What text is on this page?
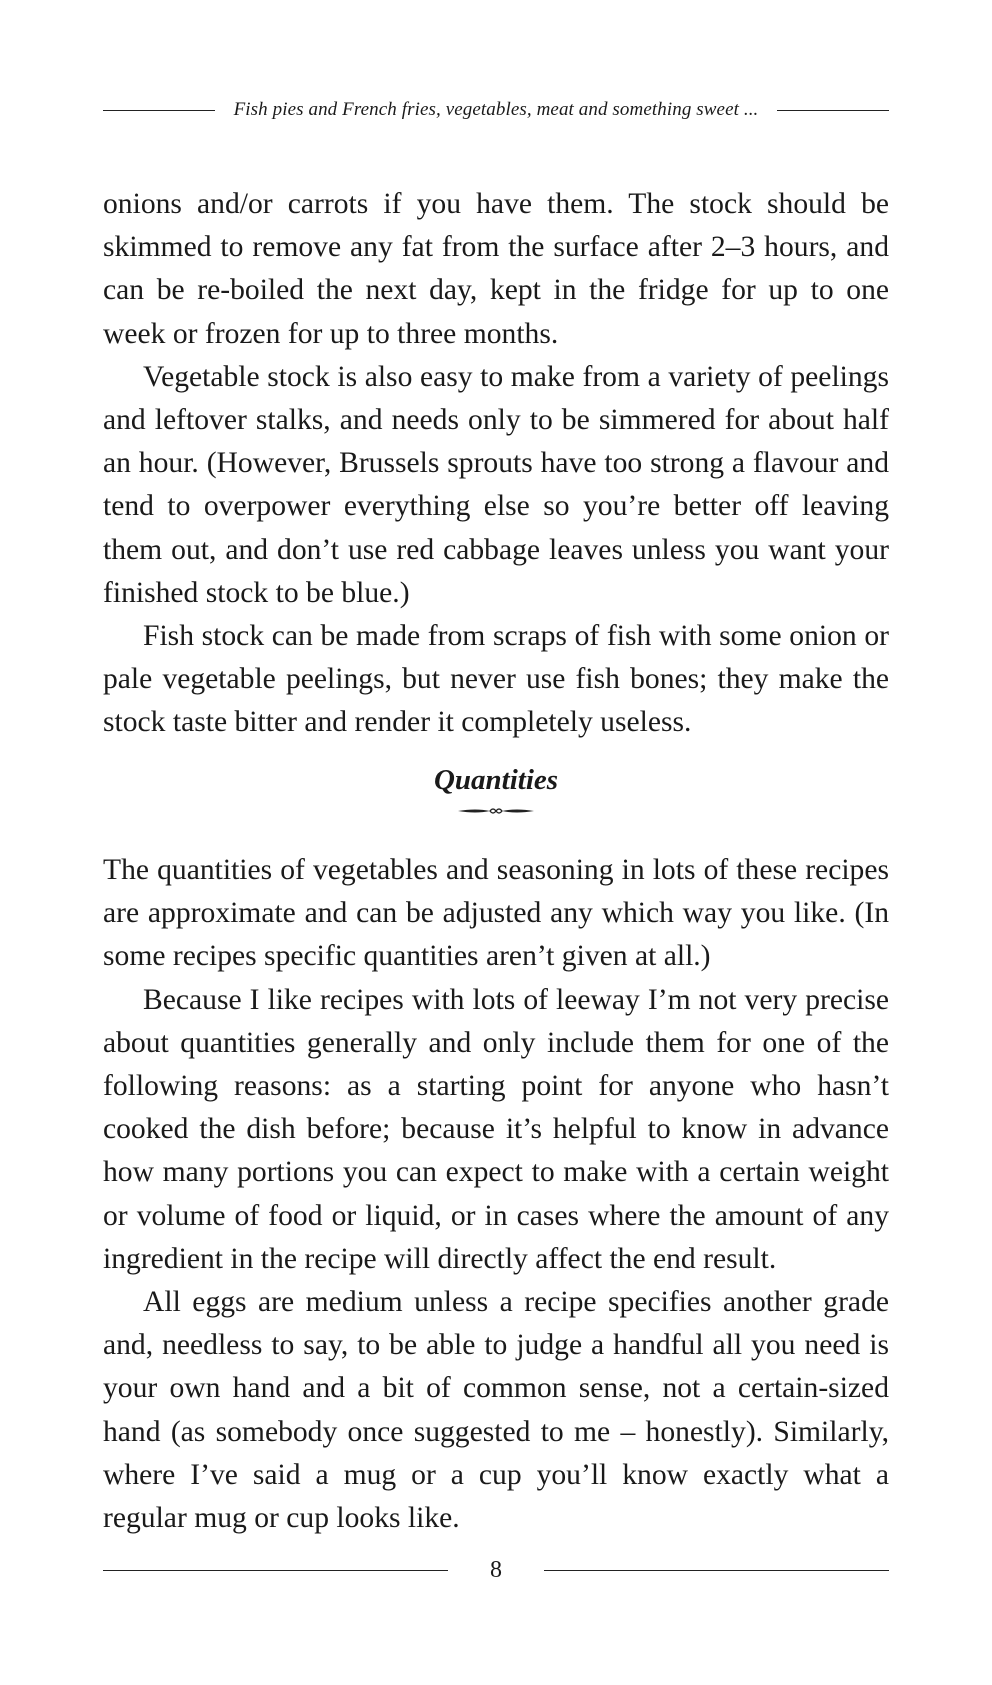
Fish pies and French fries, vegetables, meat and something sweet ...

onions and/or carrots if you have them. The stock should be skimmed to remove any fat from the surface after 2–3 hours, and can be re-boiled the next day, kept in the fridge for up to one week or frozen for up to three months.

Vegetable stock is also easy to make from a variety of peelings and leftover stalks, and needs only to be simmered for about half an hour. (However, Brussels sprouts have too strong a flavour and tend to overpower everything else so you’re better off leaving them out, and don’t use red cabbage leaves unless you want your finished stock to be blue.)

Fish stock can be made from scraps of fish with some onion or pale vegetable peelings, but never use fish bones; they make the stock taste bitter and render it completely useless.

Quantities

The quantities of vegetables and seasoning in lots of these recipes are approximate and can be adjusted any which way you like. (In some recipes specific quantities aren’t given at all.)

Because I like recipes with lots of leeway I’m not very precise about quantities generally and only include them for one of the following reasons: as a starting point for anyone who hasn’t cooked the dish before; because it’s helpful to know in advance how many portions you can expect to make with a certain weight or volume of food or liquid, or in cases where the amount of any ingredient in the recipe will directly affect the end result.

All eggs are medium unless a recipe specifies another grade and, needless to say, to be able to judge a handful all you need is your own hand and a bit of common sense, not a certain-sized hand (as somebody once suggested to me – honestly). Similarly, where I’ve said a mug or a cup you’ll know exactly what a regular mug or cup looks like.

8
